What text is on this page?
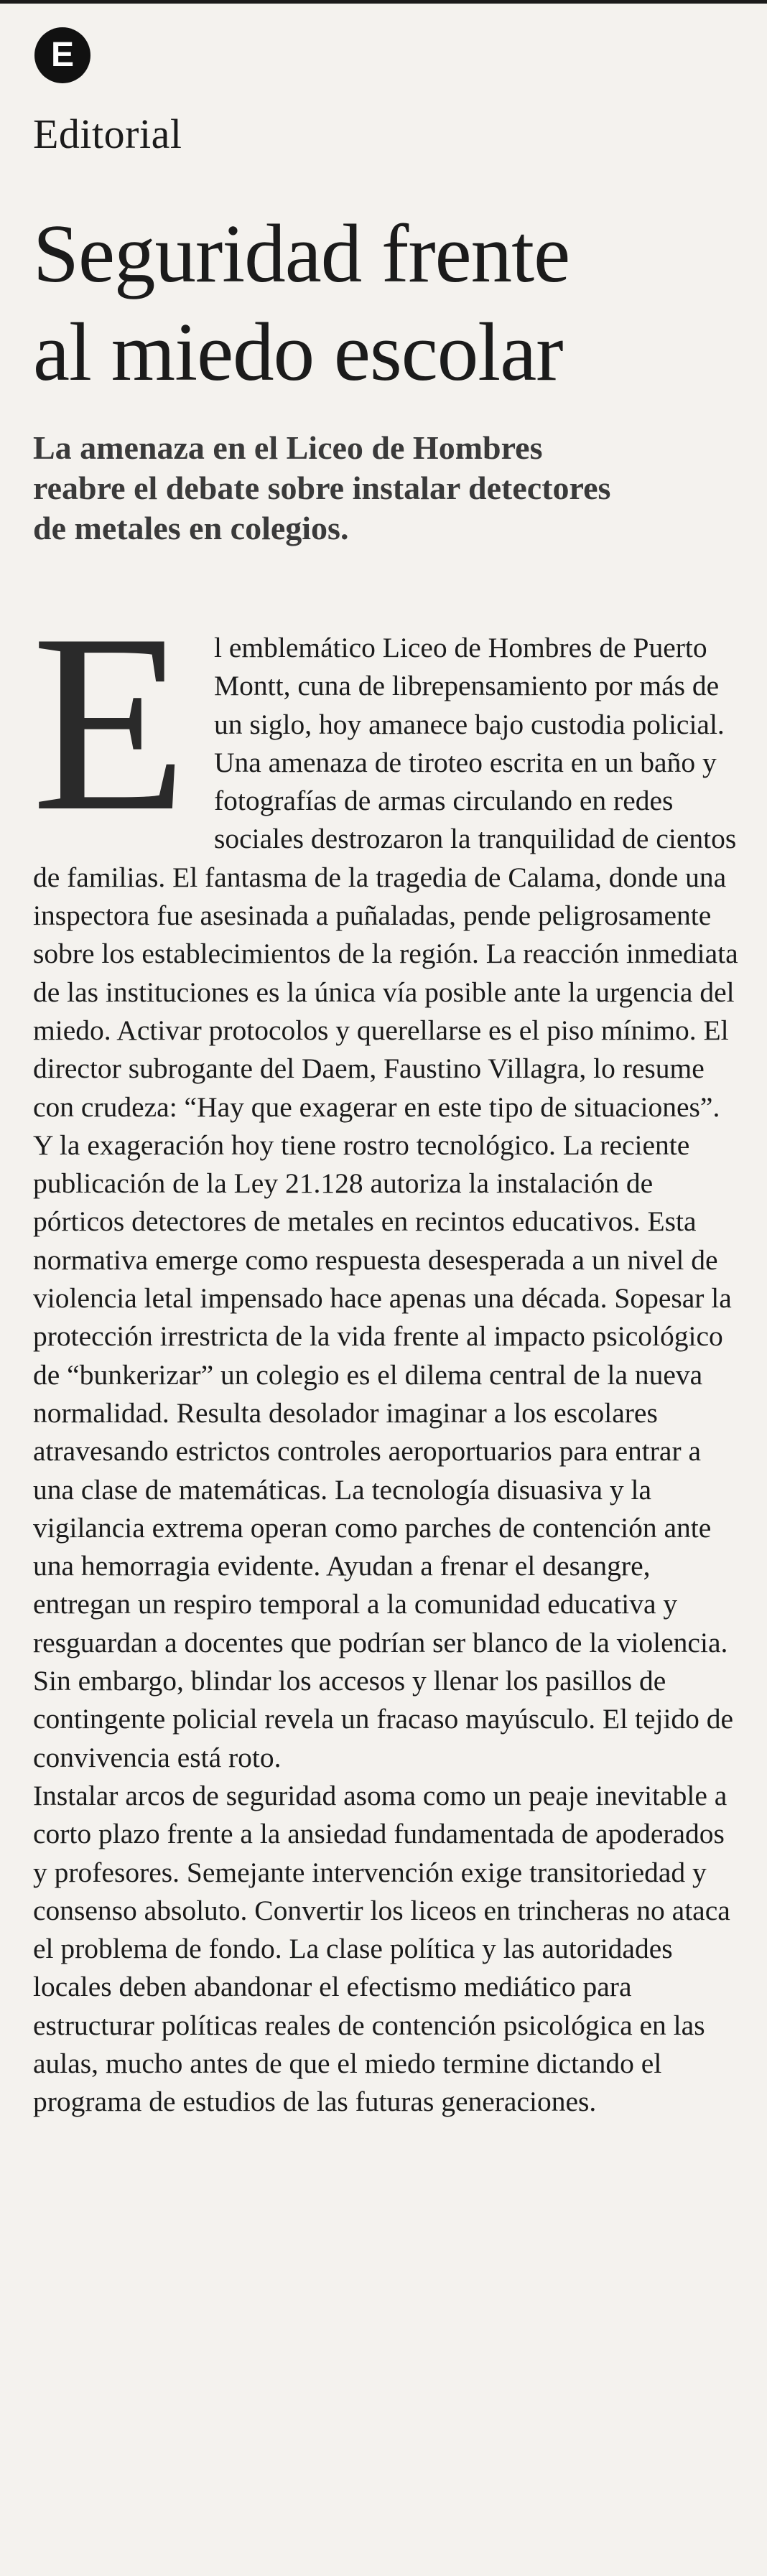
E
Editorial
Seguridad frente
al miedo escolar

La amenaza en el Liceo de Hombres
reabre el debate sobre instalar detectores
de metales en colegios.

El emblemático Liceo de Hombres de Puerto Montt, cuna de librepensamiento por más de un siglo, hoy amanece bajo custodia policial. Una amenaza de tiroteo escrita en un baño y fotografías de armas circulando en redes sociales destrozaron la tranquilidad de cientos de familias. El fantasma de la tragedia de Calama, donde una inspectora fue asesinada a puñaladas, pende peligrosamente sobre los establecimientos de la región. La reacción inmediata de las instituciones es la única vía posible ante la urgencia del miedo. Activar protocolos y querellarse es el piso mínimo. El director subrogante del Daem, Faustino Villagra, lo resume con crudeza: “Hay que exagerar en este tipo de situaciones”.

Y la exageración hoy tiene rostro tecnológico. La reciente publicación de la Ley 21.128 autoriza la instalación de pórticos detectores de metales en recintos educativos. Esta normativa emerge como respuesta desesperada a un nivel de violencia letal impensado hace apenas una década. Sopesar la protección irrestricta de la vida frente al impacto psicológico de “bunkerizar” un colegio es el dilema central de la nueva normalidad. Resulta desolador imaginar a los escolares atravesando estrictos controles aeroportuarios para entrar a una clase de matemáticas. La tecnología disuasiva y la vigilancia extrema operan como parches de contención ante una hemorragia evidente. Ayudan a frenar el desangre, entregan un respiro temporal a la comunidad educativa y resguardan a docentes que podrían ser blanco de la violencia. Sin embargo, blindar los accesos y llenar los pasillos de contingente policial revela un fracaso mayúsculo. El tejido de convivencia está roto.

Instalar arcos de seguridad asoma como un peaje inevitable a corto plazo frente a la ansiedad fundamentada de apoderados y profesores. Semejante intervención exige transitoriedad y consenso absoluto. Convertir los liceos en trincheras no ataca el problema de fondo. La clase política y las autoridades locales deben abandonar el efectismo mediático para estructurar políticas reales de contención psicológica en las aulas, mucho antes de que el miedo termine dictando el programa de estudios de las futuras generaciones.
